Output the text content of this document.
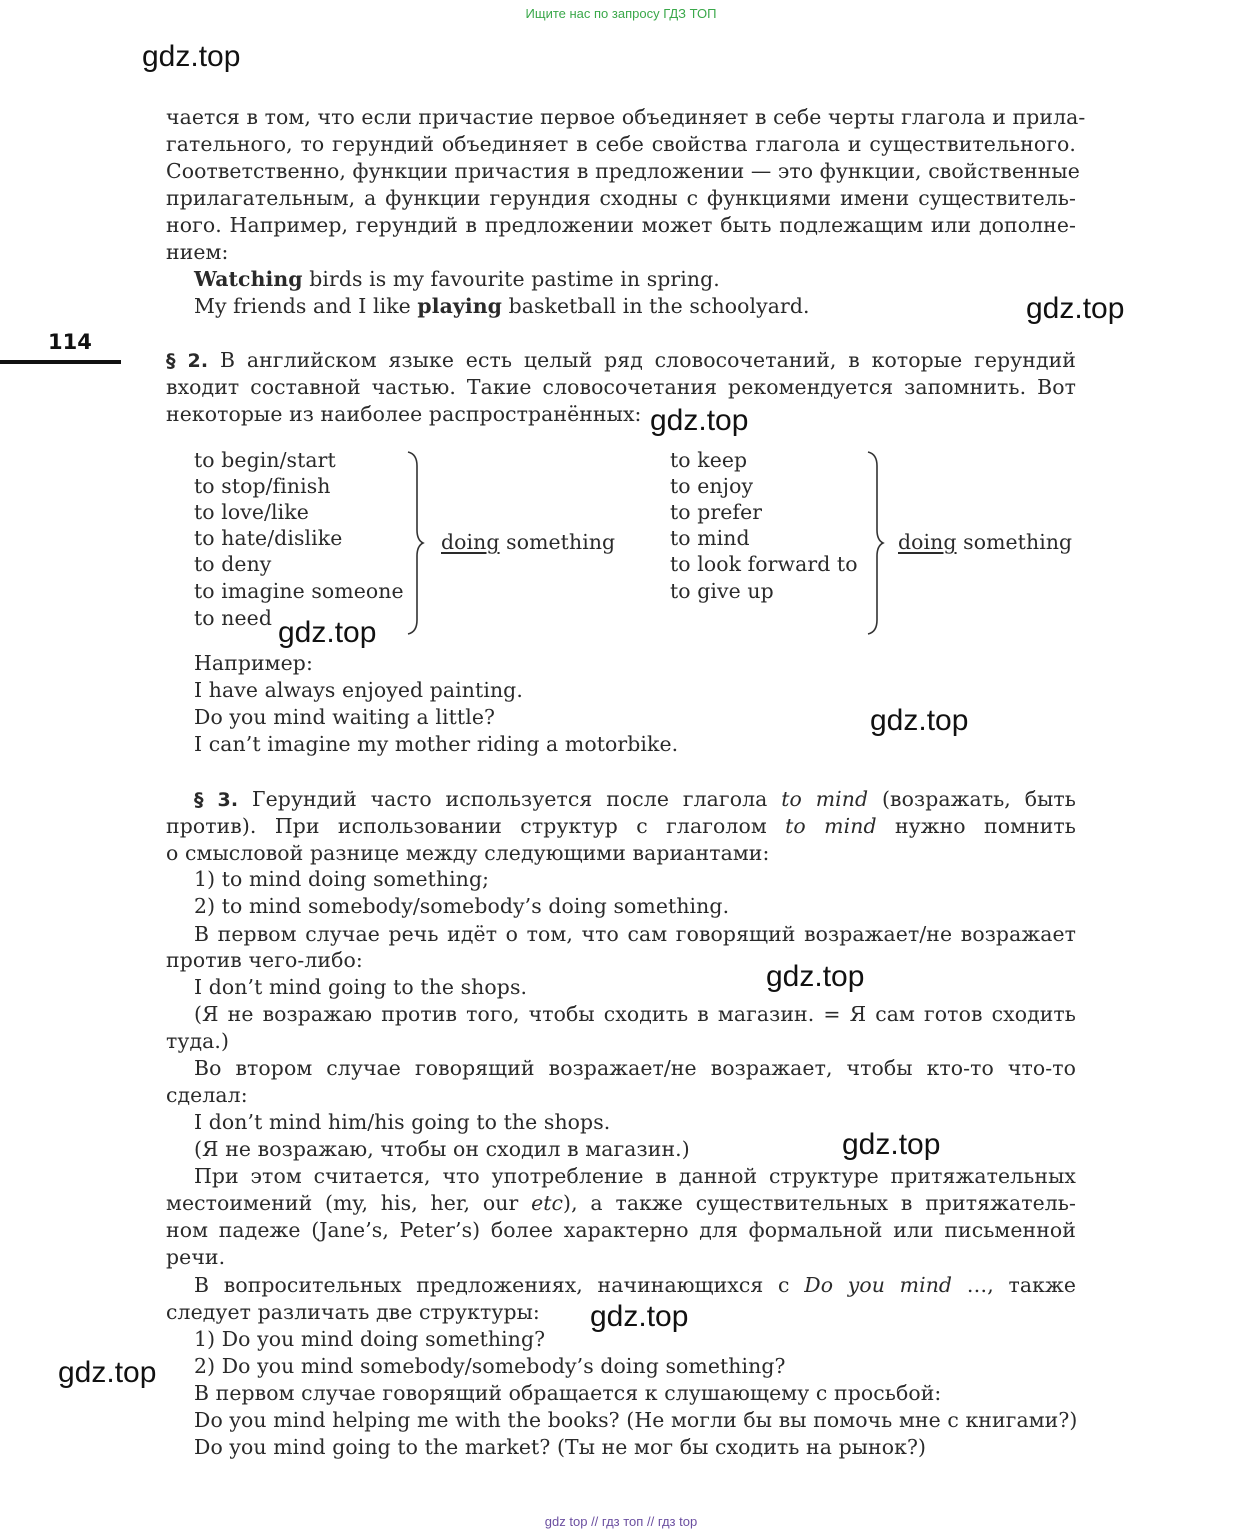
Ищите нас по запросу ГДЗ ТОП
gdz.top
gdz.top
gdz.top
gdz.top
gdz.top
gdz.top
gdz.top
gdz.top
gdz.top
114
чается в том, что если причастие первое объединяет в себе черты глагола и прила-
гательного, то герундий объединяет в себе свойства глагола и существительного.
Соответственно, функции причастия в предложении — это функции, свойственные
прилагательным, а функции герундия сходны с функциями имени существитель-
ного. Например, герундий в предложении может быть подлежащим или дополне-
нием:
Watching birds is my favourite pastime in spring.
My friends and I like playing basketball in the schoolyard.
§ 2. В английском языке есть целый ряд словосочетаний, в которые герундий
входит составной частью. Такие словосочетания рекомендуется запомнить. Вот
некоторые из наиболее распространённых:
to begin/start
to stop/finish
to love/like
to hate/dislike
to deny
to imagine someone
to need
doing something
to keep
to enjoy
to prefer
to mind
to look forward to
to give up
doing something
Например:
I have always enjoyed painting.
Do you mind waiting a little?
I can’t imagine my mother riding a motorbike.
§ 3. Герундий часто используется после глагола to mind (возражать, быть
против). При использовании структур с глаголом to mind нужно помнить
о смысловой разнице между следующими вариантами:
1) to mind doing something;
2) to mind somebody/somebody’s doing something.
В первом случае речь идёт о том, что сам говорящий возражает/не возражает
против чего-либо:
I don’t mind going to the shops.
(Я не возражаю против того, чтобы сходить в магазин. = Я сам готов сходить
туда.)
Во втором случае говорящий возражает/не возражает, чтобы кто-то что-то
сделал:
I don’t mind him/his going to the shops.
(Я не возражаю, чтобы он сходил в магазин.)
При этом считается, что употребление в данной структуре притяжательных
местоимений (my, his, her, our etc), а также существительных в притяжатель-
ном падеже (Jane’s, Peter’s) более характерно для формальной или письменной
речи.
В вопросительных предложениях, начинающихся с Do you mind …, также
следует различать две структуры:
1) Do you mind doing something?
2) Do you mind somebody/somebody’s doing something?
В первом случае говорящий обращается к слушающему с просьбой:
Do you mind helping me with the books? (Не могли бы вы помочь мне с книгами?)
Do you mind going to the market? (Ты не мог бы сходить на рынок?)
gdz top // гдз топ // гдз top
